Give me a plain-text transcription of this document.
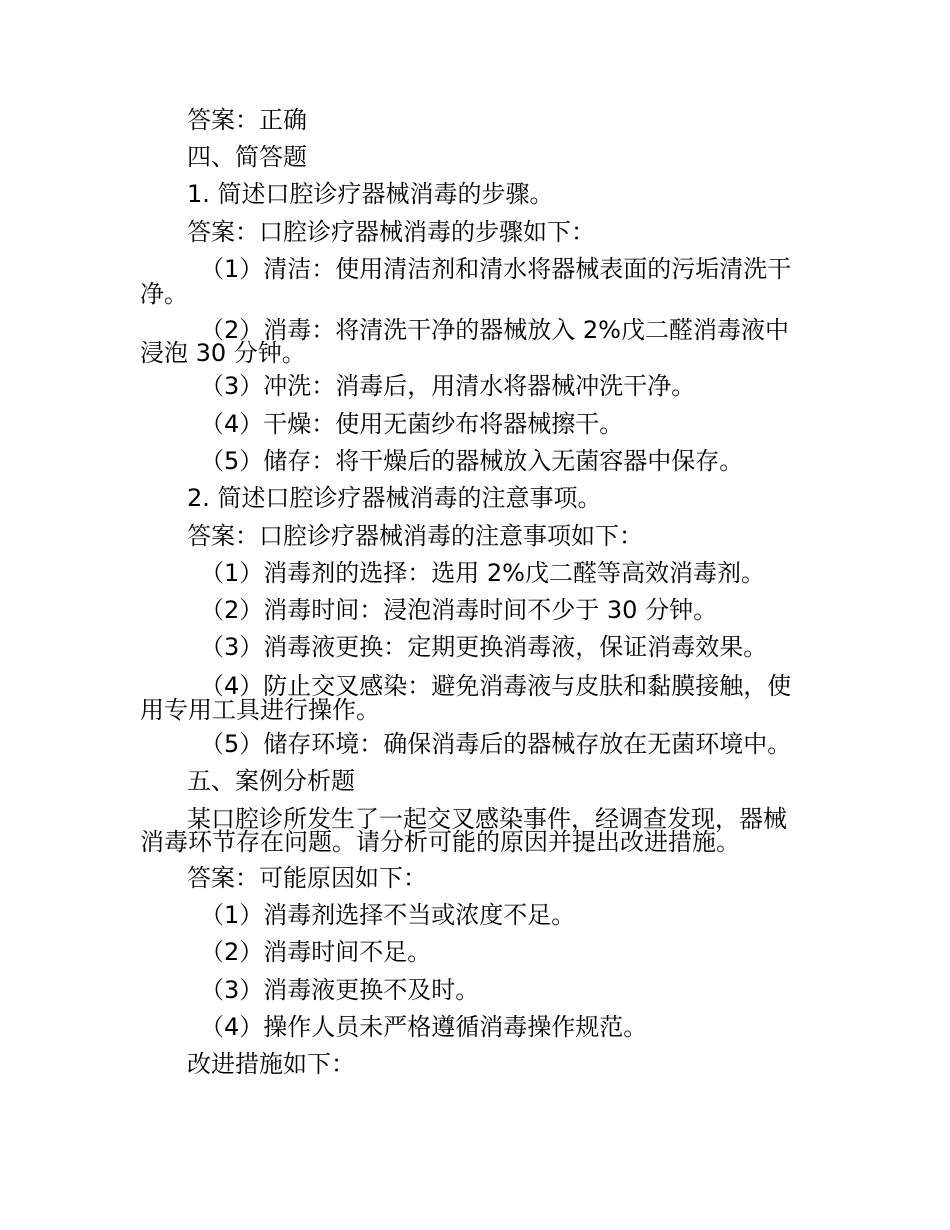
答案：正确
四、简答题
1. 简述口腔诊疗器械消毒的步骤。
答案：口腔诊疗器械消毒的步骤如下：
（1）清洁：使用清洁剂和清水将器械表面的污垢清洗干
净。
（2）消毒：将清洗干净的器械放入 2%戊二醛消毒液中
浸泡 30 分钟。
（3）冲洗：消毒后，用清水将器械冲洗干净。
（4）干燥：使用无菌纱布将器械擦干。
（5）储存：将干燥后的器械放入无菌容器中保存。
2. 简述口腔诊疗器械消毒的注意事项。
答案：口腔诊疗器械消毒的注意事项如下：
（1）消毒剂的选择：选用 2%戊二醛等高效消毒剂。
（2）消毒时间：浸泡消毒时间不少于 30 分钟。
（3）消毒液更换：定期更换消毒液，保证消毒效果。
（4）防止交叉感染：避免消毒液与皮肤和黏膜接触，使
用专用工具进行操作。
（5）储存环境：确保消毒后的器械存放在无菌环境中。
五、案例分析题
某口腔诊所发生了一起交叉感染事件，经调查发现，器械
消毒环节存在问题。请分析可能的原因并提出改进措施。
答案：可能原因如下：
（1）消毒剂选择不当或浓度不足。
（2）消毒时间不足。
（3）消毒液更换不及时。
（4）操作人员未严格遵循消毒操作规范。
改进措施如下：
